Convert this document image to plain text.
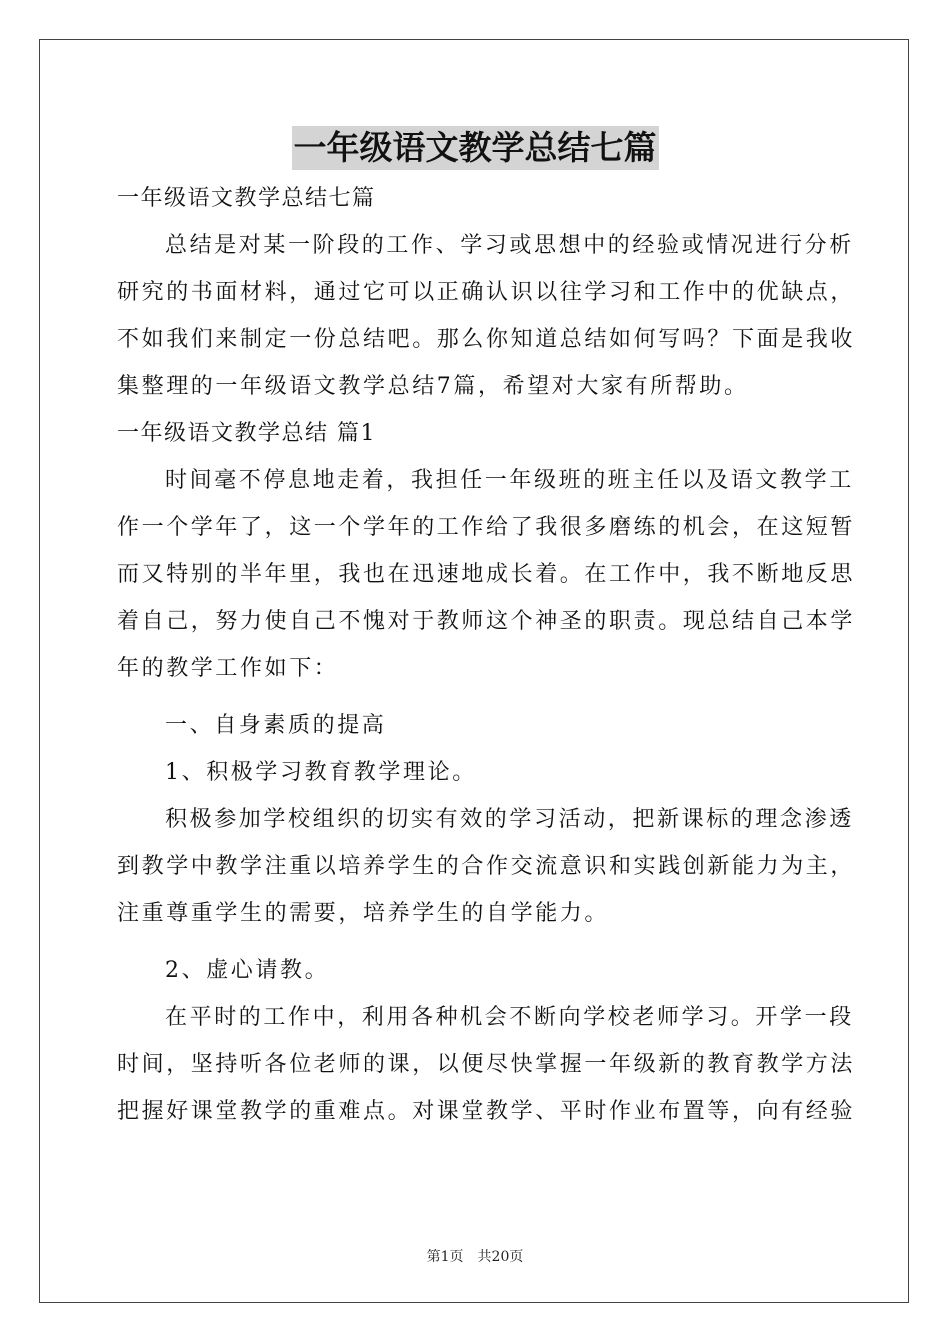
一年级语文教学总结七篇
一年级语文教学总结七篇
总结是对某一阶段的工作、学习或思想中的经验或情况进行分析
研究的书面材料，通过它可以正确认识以往学习和工作中的优缺点，
不如我们来制定一份总结吧。那么你知道总结如何写吗？下面是我收
集整理的一年级语文教学总结7篇，希望对大家有所帮助。
一年级语文教学总结 篇1
时间毫不停息地走着，我担任一年级班的班主任以及语文教学工
作一个学年了，这一个学年的工作给了我很多磨练的机会，在这短暂
而又特别的半年里，我也在迅速地成长着。在工作中，我不断地反思
着自己，努力使自己不愧对于教师这个神圣的职责。现总结自己本学
年的教学工作如下：
一、自身素质的提高
1、积极学习教育教学理论。
积极参加学校组织的切实有效的学习活动，把新课标的理念渗透
到教学中教学注重以培养学生的合作交流意识和实践创新能力为主，
注重尊重学生的需要，培养学生的自学能力。
2、虚心请教。
在平时的工作中，利用各种机会不断向学校老师学习。开学一段
时间，坚持听各位老师的课，以便尽快掌握一年级新的教育教学方法
把握好课堂教学的重难点。对课堂教学、平时作业布置等，向有经验
第1页 共20页
